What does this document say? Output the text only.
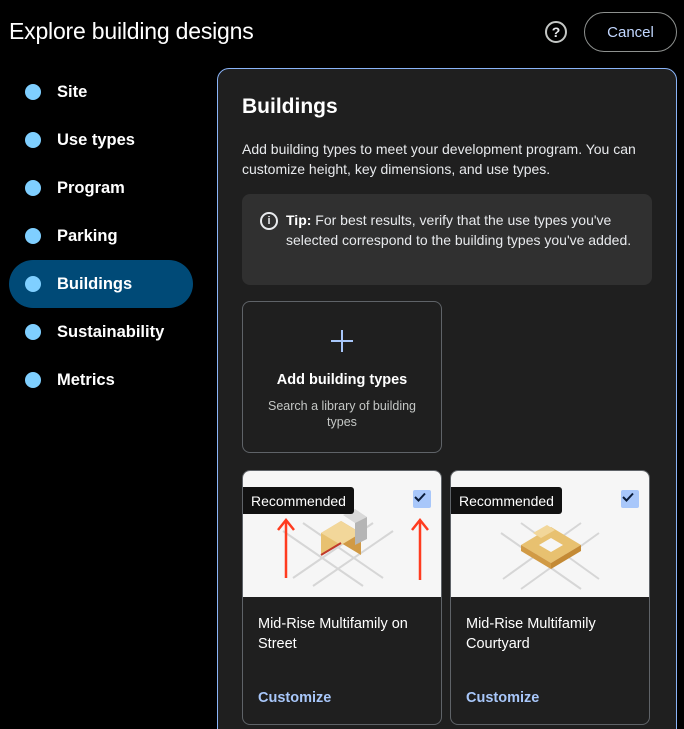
Explore building designs	?	Cancel
Site
Use types
Program
Parking
Buildings
Sustainability
Metrics
Buildings

Add building types to meet your development program. You can customize height, key dimensions, and use types.

i	Tip: For best results, verify that the use types you've selected correspond to the building types you've added.

Add building types
Search a library of building types
Recommended
Mid-Rise Multifamily on Street
Customize
Recommended
Mid-Rise Multifamily Courtyard
Customize
